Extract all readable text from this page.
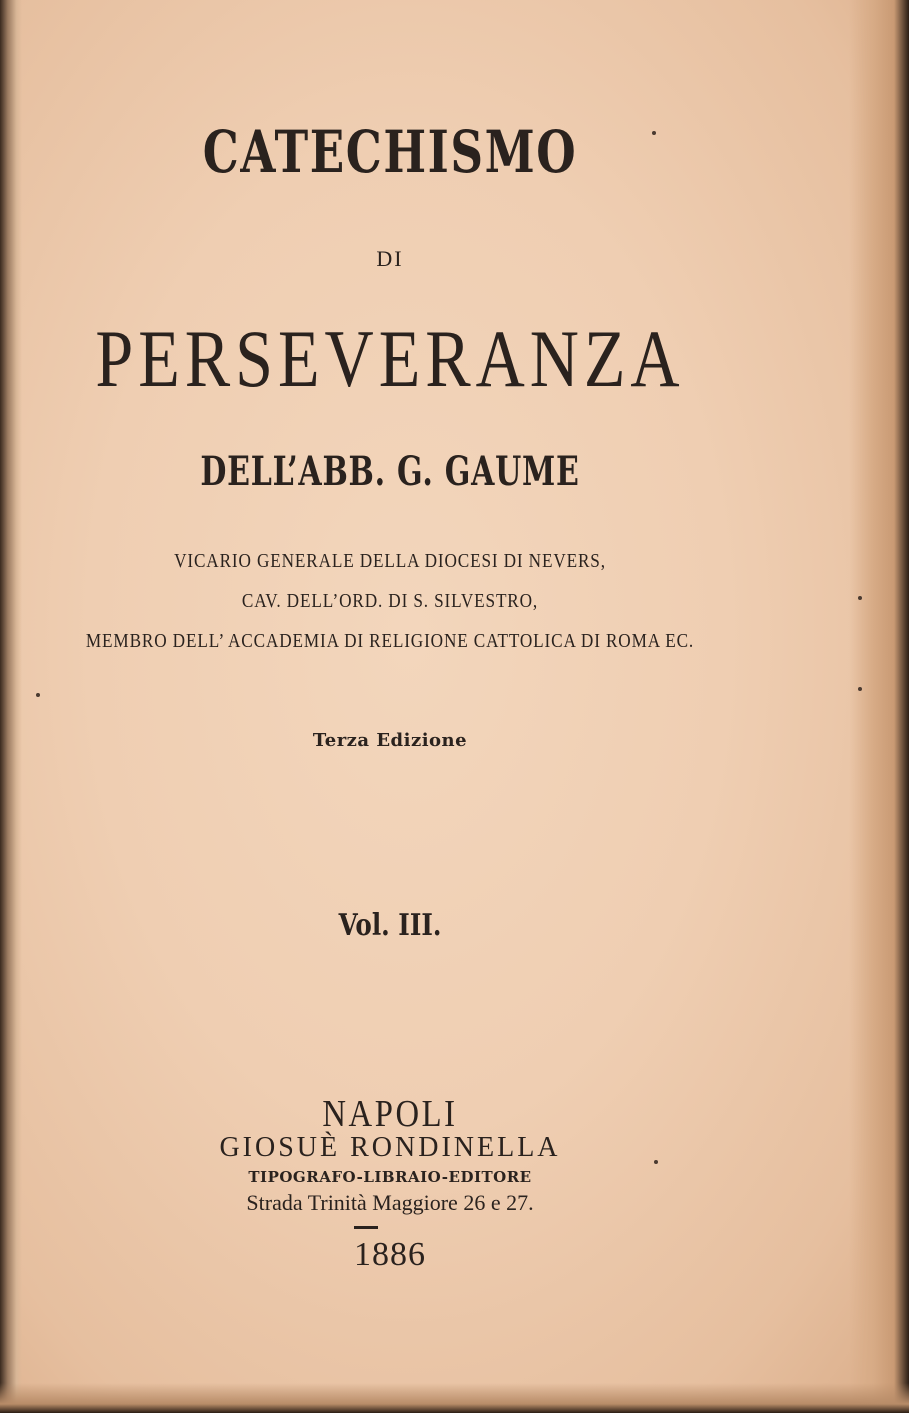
CATECHISMO
DI
PERSEVERANZA
DELL’ABB. G. GAUME
VICARIO GENERALE DELLA DIOCESI DI NEVERS,
CAV. DELL’ORD. DI S. SILVESTRO,
MEMBRO DELL’ ACCADEMIA DI RELIGIONE CATTOLICA DI ROMA EC.
Terza Edizione
Vol. III.
NAPOLI
GIOSUÈ RONDINELLA
TIPOGRAFO-LIBRAIO-EDITORE
Strada Trinità Maggiore 26 e 27.
1886
